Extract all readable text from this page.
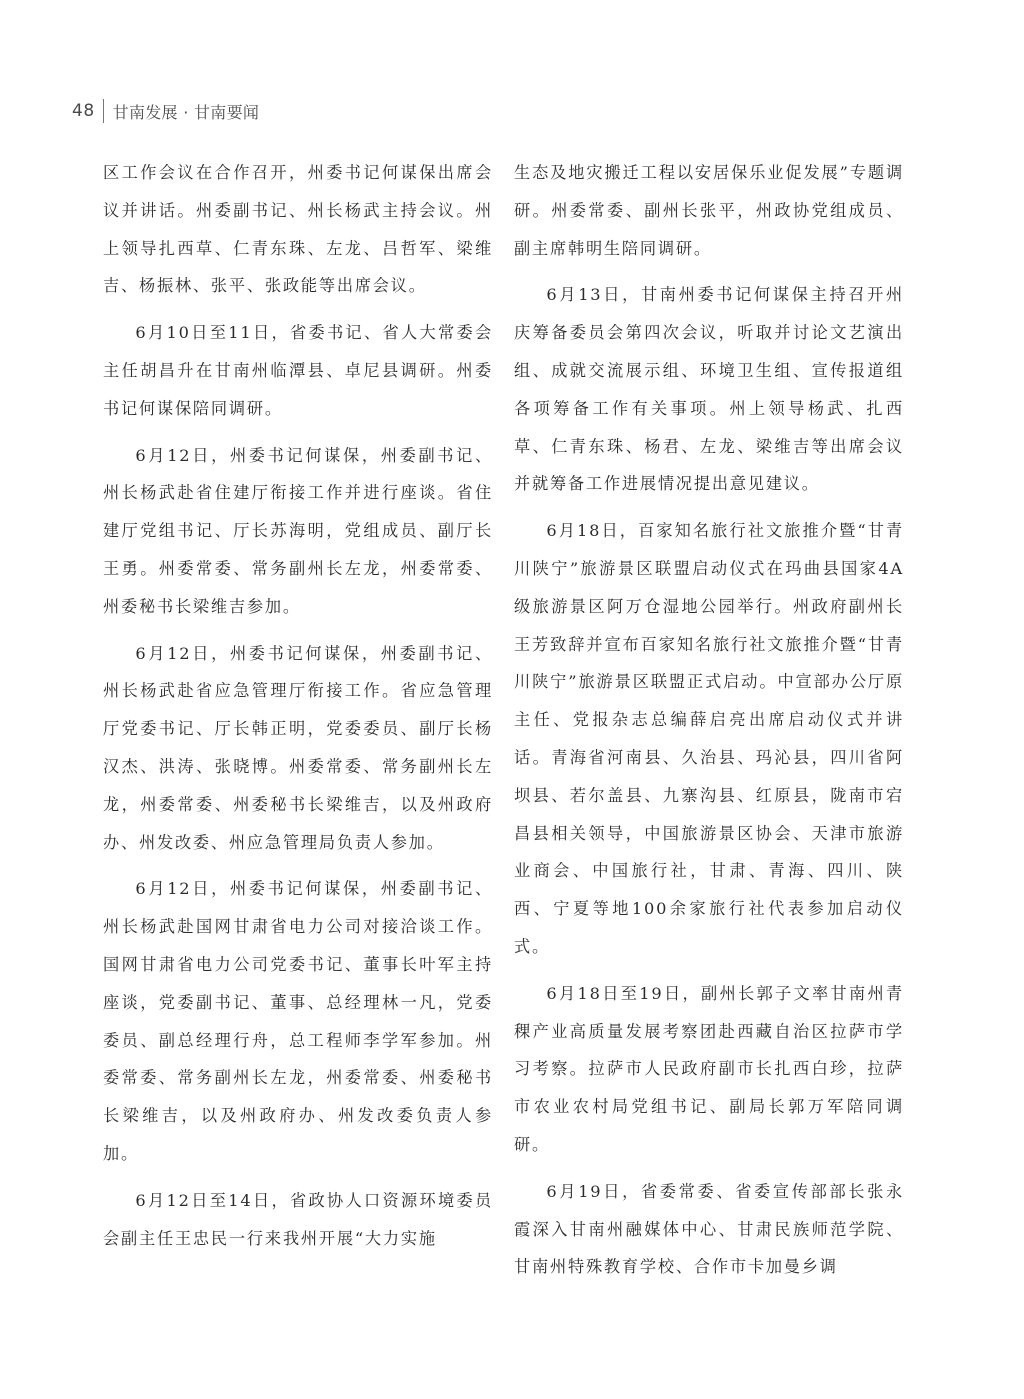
48 甘南发展 · 甘南要闻

区工作会议在合作召开，州委书记何谋保出席会议并讲话。州委副书记、州长杨武主持会议。州上领导扎西草、仁青东珠、左龙、吕哲军、梁维吉、杨振林、张平、张政能等出席会议。

6月10日至11日，省委书记、省人大常委会主任胡昌升在甘南州临潭县、卓尼县调研。州委书记何谋保陪同调研。

6月12日，州委书记何谋保，州委副书记、州长杨武赴省住建厅衔接工作并进行座谈。省住建厅党组书记、厅长苏海明，党组成员、副厅长王勇。州委常委、常务副州长左龙，州委常委、州委秘书长梁维吉参加。

6月12日，州委书记何谋保，州委副书记、州长杨武赴省应急管理厅衔接工作。省应急管理厅党委书记、厅长韩正明，党委委员、副厅长杨汉杰、洪涛、张晓博。州委常委、常务副州长左龙，州委常委、州委秘书长梁维吉，以及州政府办、州发改委、州应急管理局负责人参加。

6月12日，州委书记何谋保，州委副书记、州长杨武赴国网甘肃省电力公司对接洽谈工作。国网甘肃省电力公司党委书记、董事长叶军主持座谈，党委副书记、董事、总经理林一凡，党委委员、副总经理行舟，总工程师李学军参加。州委常委、常务副州长左龙，州委常委、州委秘书长梁维吉，以及州政府办、州发改委负责人参加。

6月12日至14日，省政协人口资源环境委员会副主任王忠民一行来我州开展“大力实施

生态及地灾搬迁工程以安居保乐业促发展”专题调研。州委常委、副州长张平，州政协党组成员、副主席韩明生陪同调研。

6月13日，甘南州委书记何谋保主持召开州庆筹备委员会第四次会议，听取并讨论文艺演出组、成就交流展示组、环境卫生组、宣传报道组各项筹备工作有关事项。州上领导杨武、扎西草、仁青东珠、杨君、左龙、梁维吉等出席会议并就筹备工作进展情况提出意见建议。

6月18日，百家知名旅行社文旅推介暨“甘青川陕宁”旅游景区联盟启动仪式在玛曲县国家4A级旅游景区阿万仓湿地公园举行。州政府副州长王芳致辞并宣布百家知名旅行社文旅推介暨“甘青川陕宁”旅游景区联盟正式启动。中宣部办公厅原主任、党报杂志总编薛启亮出席启动仪式并讲话。青海省河南县、久治县、玛沁县，四川省阿坝县、若尔盖县、九寨沟县、红原县，陇南市宕昌县相关领导，中国旅游景区协会、天津市旅游业商会、中国旅行社，甘肃、青海、四川、陕西、宁夏等地100余家旅行社代表参加启动仪式。

6月18日至19日，副州长郭子文率甘南州青稞产业高质量发展考察团赴西藏自治区拉萨市学习考察。拉萨市人民政府副市长扎西白珍，拉萨市农业农村局党组书记、副局长郭万军陪同调研。

6月19日，省委常委、省委宣传部部长张永霞深入甘南州融媒体中心、甘肃民族师范学院、甘南州特殊教育学校、合作市卡加曼乡调
